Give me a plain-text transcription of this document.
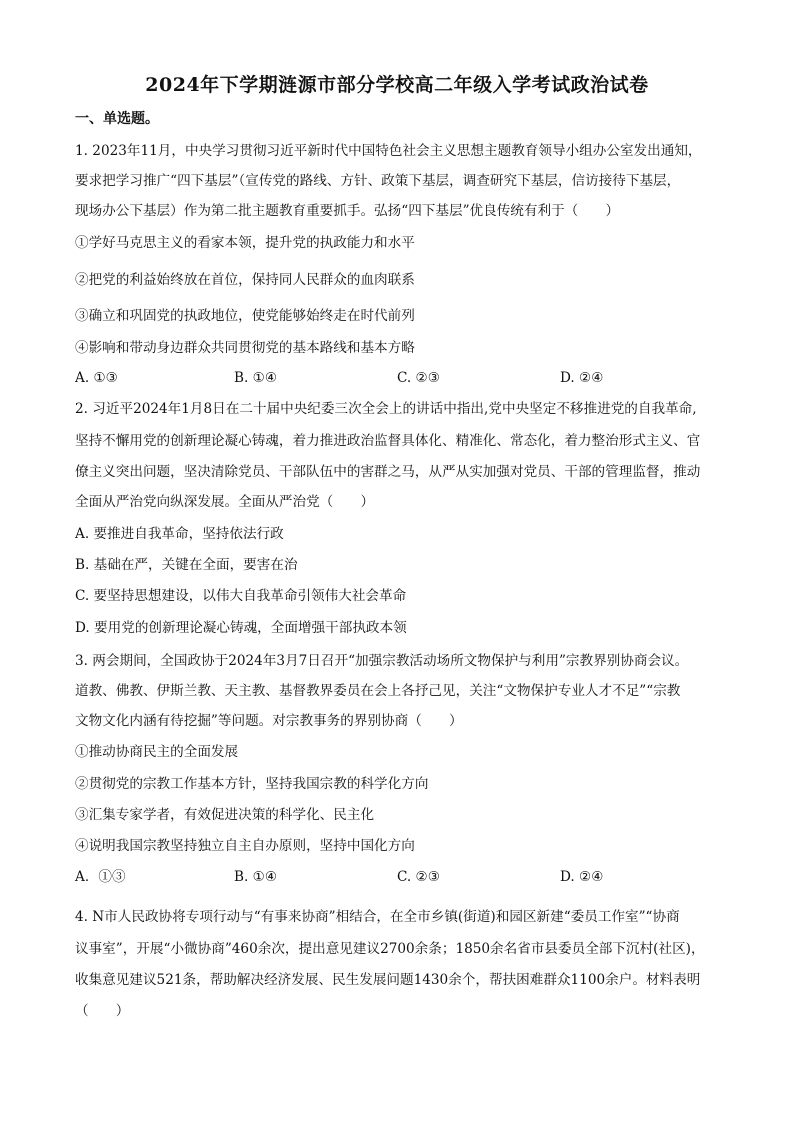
2024年下学期涟源市部分学校高二年级入学考试政治试卷
一、单选题。
1. 2023年11月，中央学习贯彻习近平新时代中国特色社会主义思想主题教育领导小组办公室发出通知，
要求把学习推广“四下基层”（宣传党的路线、方针、政策下基层，调查研究下基层，信访接待下基层，
现场办公下基层）作为第二批主题教育重要抓手。弘扬“四下基层”优良传统有利于（　　）
①学好马克思主义的看家本领，提升党的执政能力和水平
②把党的利益始终放在首位，保持同人民群众的血肉联系
③确立和巩固党的执政地位，使党能够始终走在时代前列
④影响和带动身边群众共同贯彻党的基本路线和基本方略
A. ①③	B. ①④	C. ②③	D. ②④
2. 习近平2024年1月8日在二十届中央纪委三次全会上的讲话中指出,党中央坚定不移推进党的自我革命,
坚持不懈用党的创新理论凝心铸魂，着力推进政治监督具体化、精准化、常态化，着力整治形式主义、官
僚主义突出问题，坚决清除党员、干部队伍中的害群之马，从严从实加强对党员、干部的管理监督，推动
全面从严治党向纵深发展。全面从严治党（　　）
A. 要推进自我革命，坚持依法行政
B. 基础在严，关键在全面，要害在治
C. 要坚持思想建设，以伟大自我革命引领伟大社会革命
D. 要用党的创新理论凝心铸魂，全面增强干部执政本领
3. 两会期间，全国政协于2024年3月7日召开“加强宗教活动场所文物保护与利用”宗教界别协商会议。
道教、佛教、伊斯兰教、天主教、基督教界委员在会上各抒己见，关注“文物保护专业人才不足”“宗教
文物文化内涵有待挖掘”等问题。对宗教事务的界别协商（　　）
①推动协商民主的全面发展
②贯彻党的宗教工作基本方针，坚持我国宗教的科学化方向
③汇集专家学者，有效促进决策的科学化、民主化
④说明我国宗教坚持独立自主自办原则，坚持中国化方向
A．①③	B. ①④	C. ②③	D. ②④
4. N市人民政协将专项行动与“有事来协商”相结合，在全市乡镇(街道)和园区新建“委员工作室”“协商
议事室”，开展“小微协商”460余次，提出意见建议2700余条；1850余名省市县委员全部下沉村(社区)，
收集意见建议521条，帮助解决经济发展、民生发展问题1430余个，帮扶困难群众1100余户。材料表明
（　　）
